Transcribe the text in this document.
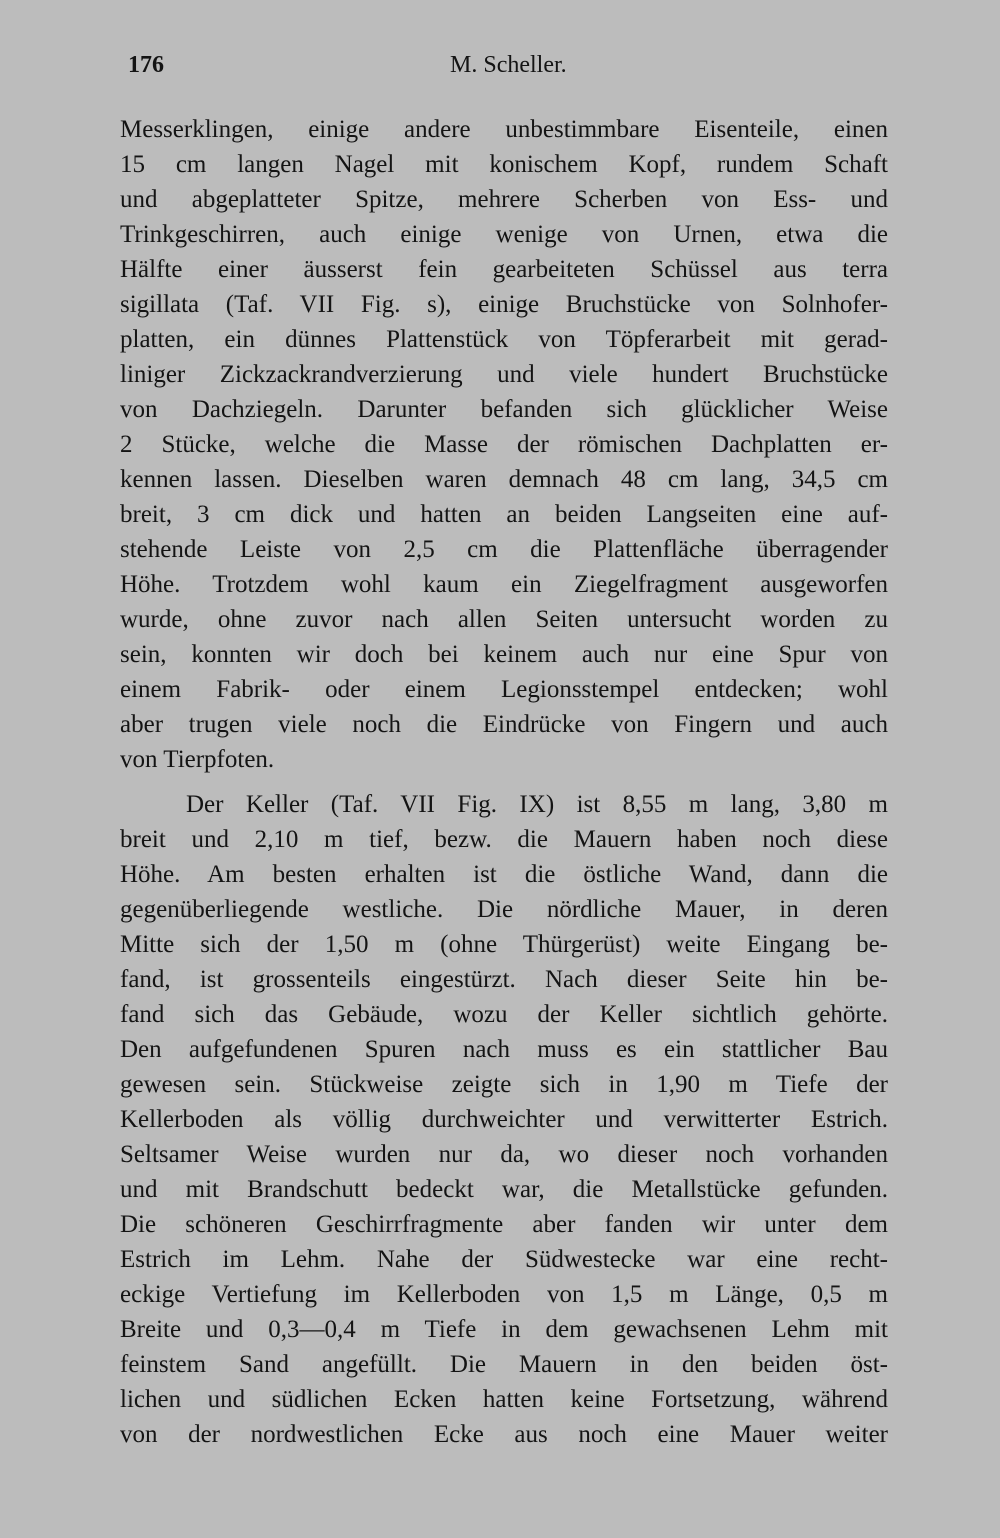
176	M. Scheller.
Messerklingen, einige andere unbestimmbare Eisenteile, einen
15 cm langen Nagel mit konischem Kopf, rundem Schaft
und abgeplatteter Spitze, mehrere Scherben von Ess- und
Trinkgeschirren, auch einige wenige von Urnen, etwa die
Hälfte einer äusserst fein gearbeiteten Schüssel aus terra
sigillata (Taf. VII Fig. s), einige Bruchstücke von Solnhofer-
platten, ein dünnes Plattenstück von Töpferarbeit mit gerad-
liniger Zickzackrandverzierung und viele hundert Bruchstücke
von Dachziegeln. Darunter befanden sich glücklicher Weise
2 Stücke, welche die Masse der römischen Dachplatten er-
kennen lassen. Dieselben waren demnach 48 cm lang, 34,5 cm
breit, 3 cm dick und hatten an beiden Langseiten eine auf-
stehende Leiste von 2,5 cm die Plattenfläche überragender
Höhe. Trotzdem wohl kaum ein Ziegelfragment ausgeworfen
wurde, ohne zuvor nach allen Seiten untersucht worden zu
sein, konnten wir doch bei keinem auch nur eine Spur von
einem Fabrik- oder einem Legionsstempel entdecken; wohl
aber trugen viele noch die Eindrücke von Fingern und auch
von Tierpfoten.
Der Keller (Taf. VII Fig. IX) ist 8,55 m lang, 3,80 m
breit und 2,10 m tief, bezw. die Mauern haben noch diese
Höhe. Am besten erhalten ist die östliche Wand, dann die
gegenüberliegende westliche. Die nördliche Mauer, in deren
Mitte sich der 1,50 m (ohne Thürgerüst) weite Eingang be-
fand, ist grossenteils eingestürzt. Nach dieser Seite hin be-
fand sich das Gebäude, wozu der Keller sichtlich gehörte.
Den aufgefundenen Spuren nach muss es ein stattlicher Bau
gewesen sein. Stückweise zeigte sich in 1,90 m Tiefe der
Kellerboden als völlig durchweichter und verwitterter Estrich.
Seltsamer Weise wurden nur da, wo dieser noch vorhanden
und mit Brandschutt bedeckt war, die Metallstücke gefunden.
Die schöneren Geschirrfragmente aber fanden wir unter dem
Estrich im Lehm. Nahe der Südwestecke war eine recht-
eckige Vertiefung im Kellerboden von 1,5 m Länge, 0,5 m
Breite und 0,3—0,4 m Tiefe in dem gewachsenen Lehm mit
feinstem Sand angefüllt. Die Mauern in den beiden öst-
lichen und südlichen Ecken hatten keine Fortsetzung, während
von der nordwestlichen Ecke aus noch eine Mauer weiter
